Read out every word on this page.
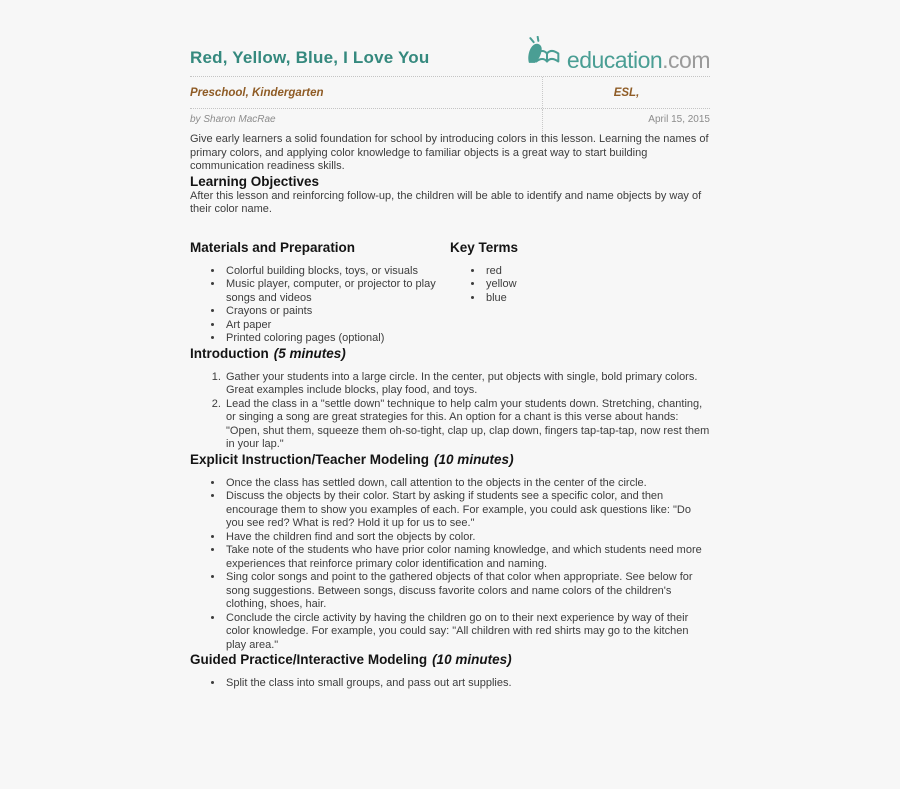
Red, Yellow, Blue, I Love You	education.com
Preschool, Kindergarten	ESL,
by Sharon MacRae	April 15, 2015

Give early learners a solid foundation for school by introducing colors in this lesson. Learning the names of primary colors, and applying color knowledge to familiar objects is a great way to start building communication readiness skills.

Learning Objectives

After this lesson and reinforcing follow-up, the children will be able to identify and name objects by way of their color name.

Materials and Preparation
• Colorful building blocks, toys, or visuals
• Music player, computer, or projector to play songs and videos
• Crayons or paints
• Art paper
• Printed coloring pages (optional)
Key Terms
• red
• yellow
• blue
Introduction (5 minutes)
1. Gather your students into a large circle. In the center, put objects with single, bold primary colors. Great examples include blocks, play food, and toys.
2. Lead the class in a "settle down" technique to help calm your students down. Stretching, chanting, or singing a song are great strategies for this. An option for a chant is this verse about hands: "Open, shut them, squeeze them oh-so-tight, clap up, clap down, fingers tap-tap-tap, now rest them in your lap."
Explicit Instruction/Teacher Modeling (10 minutes)
• Once the class has settled down, call attention to the objects in the center of the circle.
• Discuss the objects by their color. Start by asking if students see a specific color, and then encourage them to show you examples of each. For example, you could ask questions like: "Do you see red? What is red? Hold it up for us to see."
• Have the children find and sort the objects by color.
• Take note of the students who have prior color naming knowledge, and which students need more experiences that reinforce primary color identification and naming.
• Sing color songs and point to the gathered objects of that color when appropriate. See below for song suggestions. Between songs, discuss favorite colors and name colors of the children's clothing, shoes, hair.
• Conclude the circle activity by having the children go on to their next experience by way of their color knowledge. For example, you could say: "All children with red shirts may go to the kitchen play area."
Guided Practice/Interactive Modeling (10 minutes)
• Split the class into small groups, and pass out art supplies.
